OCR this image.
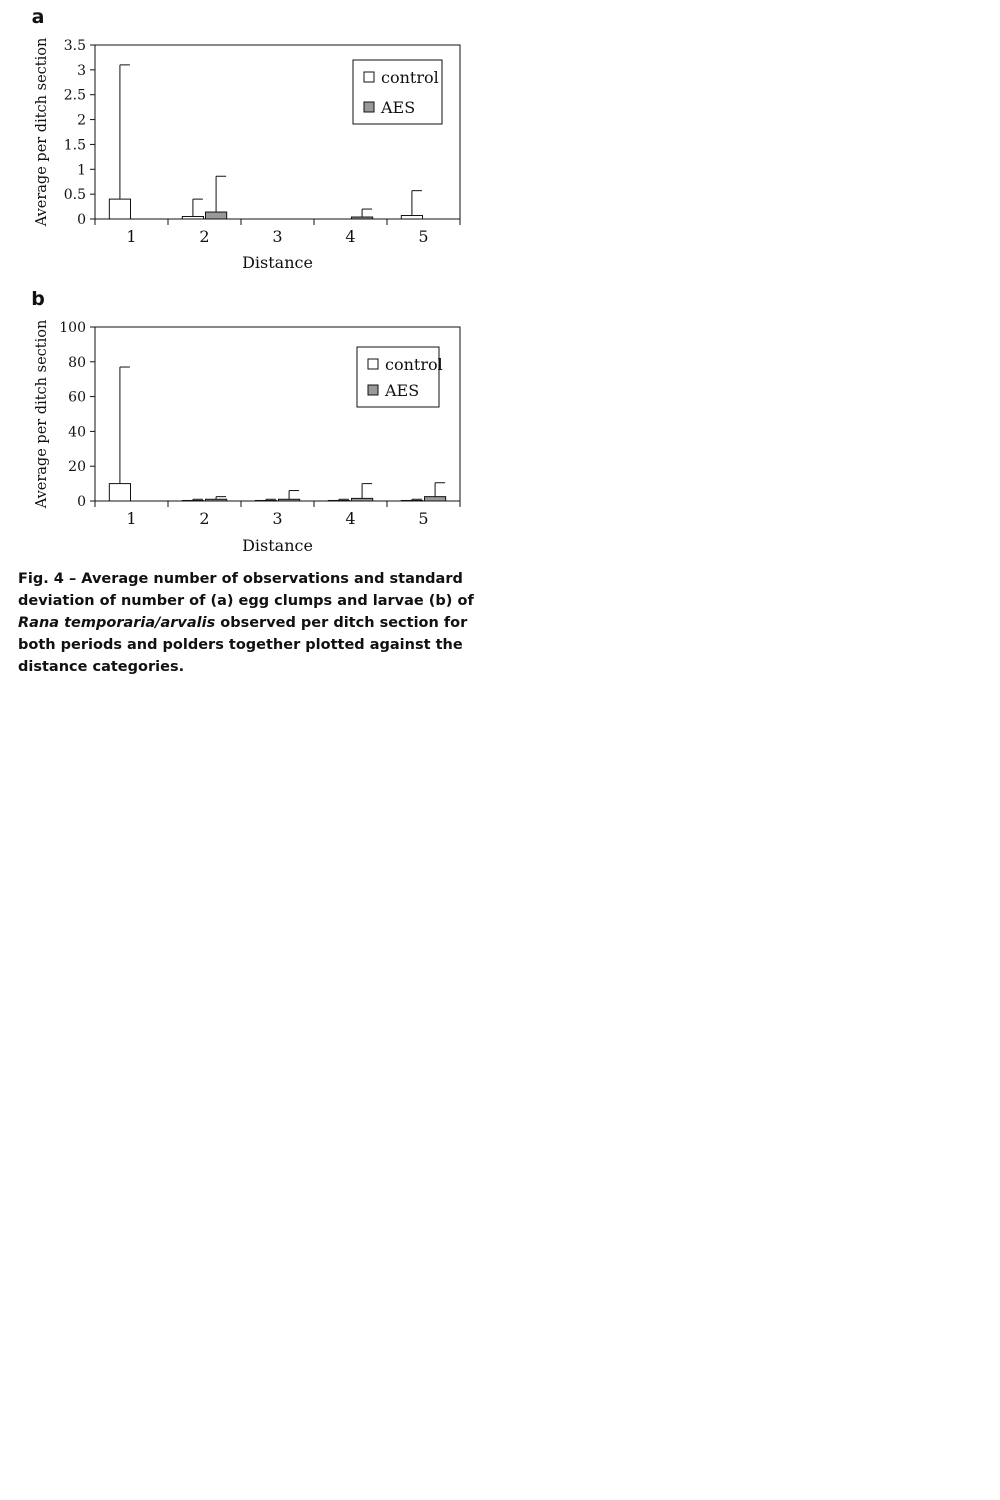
a
0
0.5
1
1.5
2
2.5
3
3.5
1	2	3	4	5
Distance
Average per ditch section	control
AES
b
0
20
40
60
80
100
1	2	3	4	5
Distance
Average per ditch section	control
AES
Fig. 4 – Average number of observations and standard deviation of number of (a) egg clumps and larvae (b) of Rana temporaria/arvalis observed per ditch section for both periods and polders together plotted against the distance categories.
